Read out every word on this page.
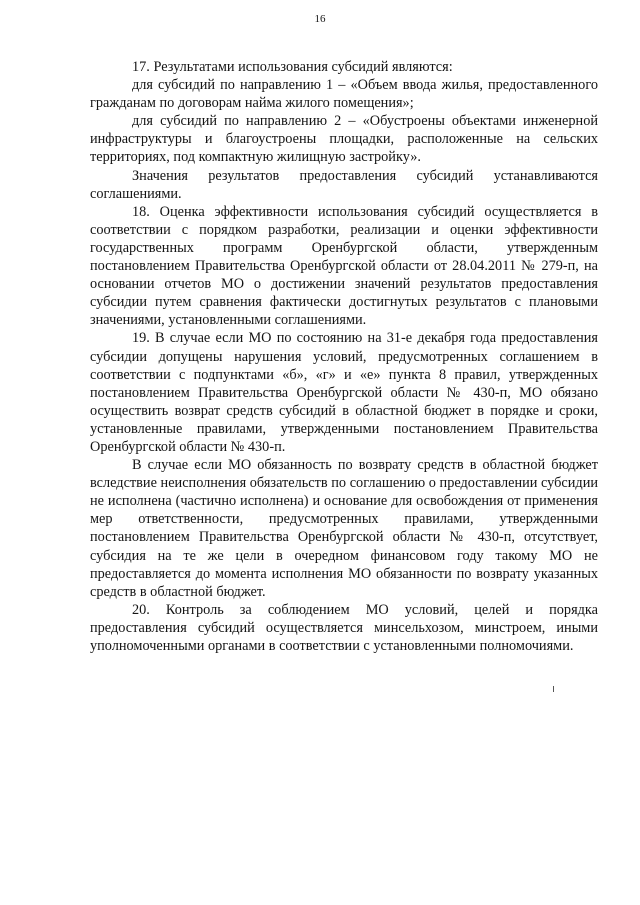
16

17. Результатами использования субсидий являются:

для субсидий по направлению 1 – «Объем ввода жилья, предоставленного гражданам по договорам найма жилого помещения»;

для субсидий по направлению 2 – «Обустроены объектами инженерной инфраструктуры и благоустроены площадки, расположенные на сельских территориях, под компактную жилищную застройку».

Значения результатов предоставления субсидий устанавливаются соглашениями.

18. Оценка эффективности использования субсидий осуществляется в соответствии с порядком разработки, реализации и оценки эффективности государственных программ Оренбургской области, утвержденным постановлением Правительства Оренбургской области от 28.04.2011 № 279-п, на основании отчетов МО о достижении значений результатов предоставления субсидии путем сравнения фактически достигнутых результатов с плановыми значениями, установленными соглашениями.

19. В случае если МО по состоянию на 31-е декабря года предоставления субсидии допущены нарушения условий, предусмотренных соглашением в соответствии с подпунктами «б», «г» и «е» пункта 8 правил, утвержденных постановлением Правительства Оренбургской области № 430-п, МО обязано осуществить возврат средств субсидий в областной бюджет в порядке и сроки, установленные правилами, утвержденными постановлением Правительства Оренбургской области № 430-п.

В случае если МО обязанность по возврату средств в областной бюджет вследствие неисполнения обязательств по соглашению о предоставлении субсидии не исполнена (частично исполнена) и основание для освобождения от применения мер ответственности, предусмотренных правилами, утвержденными постановлением Правительства Оренбургской области № 430-п, отсутствует, субсидия на те же цели в очередном финансовом году такому МО не предоставляется до момента исполнения МО обязанности по возврату указанных средств в областной бюджет.

20. Контроль за соблюдением МО условий, целей и порядка предоставления субсидий осуществляется минсельхозом, минстроем, иными уполномоченными органами в соответствии с установленными полномочиями.
